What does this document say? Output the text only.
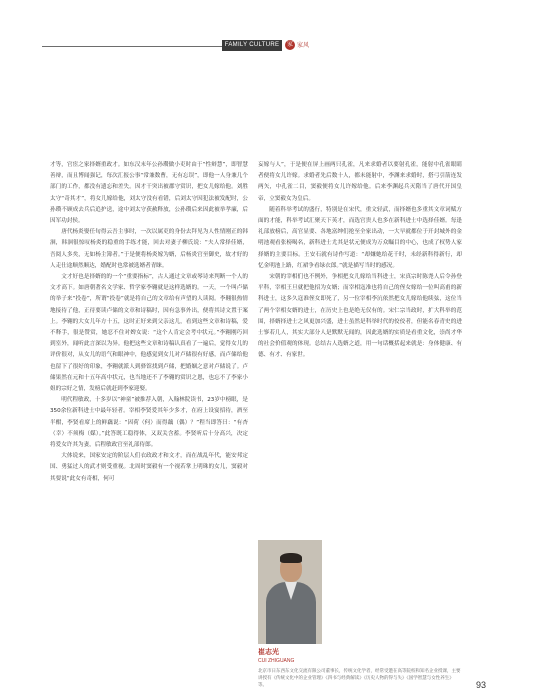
FAMILY CULTURE	家 家风

才等，官宦之家择婿重政才。如东汉末年公孙瓒做小吏时由于“性辩慧”，即智慧善辩，而且博闻强记，每次汇报公事“常兼数曹，无有忘误”，即他一人身兼几个部门的工作，都没有遗忘和差失。因才干突出被郡守赏识，把女儿嫁给他。刘胜太守“奇其才”，将女儿嫁给他，刘太守没有看错，后刘太守因犯法被发配时，公孙瓒不顾成去兵后追护送，途中刘太守获赦释放，公孙瓒后来因此被举孝廉，后因军功封侯。

唐代杨炎娶任旬得云吾主事时，一次以属吏的身份去拜见为人性情刚正的韩洄，韩洄很惊叹杨炎的稳重的手练才能，回去对妻子柳氏说：“夫人常择佳婿，吾阅人多矣，无如杨主簿者。”于是便将杨炎嫁为婿，后杨炎官至御史，故才好的人走仕途顺然顺达，婚配时也常被选婿者青睐。

文才好也是择婿的的一个“重要指标”，古人通过文章或琴诗来判断一个人的文才高下。如唐朝著名文学家、哲学家李翱就是这样选婿的。一天，一个叫卢储的举子来“投卷”，所谓“投卷”就是将自己的文章给有声望的人读阅。李翱很热情地接待了他，正待要读卢储的文章和诗稿时，因有急事外出，便将其诗文置于案上。李翱的大女儿年方十五，这时正好来到父亲这儿，看到这些文章和诗稿，爱不释手，很是赞赏，她忍不住对婢女说：“这个人肯定会考中状元。”李翱刚巧回到室外，闻听此言深以为异。他把这些文章和诗稿认真看了一遍后，觉得女儿的评价很对，从女儿的语气和眼神中，他感觉到女儿对卢储很有好感，而卢储给他也留下了很好的印象，李翱就派人到驿馆找到卢储，把婚姻之意对卢储说了。卢储果然在元和十五年高中状元，也当地还不了李翱的赏识之恩，也忘不了李家小姐的宗好之情，发榜后就赶到李家迎娶。

明代程敏政，十多岁以“神童”被推荐入朝，入翰林院读书，23岁中榜眼，是350余位新科进士中最年轻者。宰相李贤爱其年少多才，在府上设宴招待，酒至半酣，李贤看席上的鲜藕说：“因荷（何）而得藕（偶）？”程当即答曰：“有杏（幸）不须梅（媒）。”此答既工稳得体，又双关含蓄。李贤听后十分高兴，决定将爱女许其为妻，后程敏政官至礼部侍郎。

大体说来，国家安定的阶层人们衣政政才和文才，而在战乱年代，能安邦定国、勇猛过人的武才则受重视。北周时窦毅有一个视若掌上明珠的女儿，窦毅对其要说“此女有奇相，何可

妄嫁与人”，于是便在屏上画两只孔雀，凡来求婚者以要射孔雀，能射中孔雀眼睛者便将女儿许嫁。求婚者先后数十人，都未能射中，李渊来求婚时，搭弓引箭连发两矢，中孔雀二目，窦毅便将女儿许嫁给他。后来李渊起兵灭隋当了唐代开国皇帝，立窦毅女为皇后。

随着科举考试的盛行，特别是在宋代，重文轻武，而择婿也多重其文章词赋方面的才能，科举考试汇聚天下英才，而选官贵人也多在新科进士中选择佳婿。每逢礼部放榜后，高官显要、各地富绅们抢至全家出动，一大早就都位于开封城外的金明池观看张榜喝名，新科进士尤其是状元便成为万众瞩目的中心，也成了权势人家择婿的主要目标。王安石就有诗作写道：“却嫌她给花千时，未经新科得新行，却忆金明池上路，红裙争看绿衣郎。”就是描写当时的感况。

宋朝的宰相们也不例外，争相把女儿嫁给当科进士，宋真宗时陈尧人后令孙登平科，宰相王旦就把他招为女婿；而宰相寇准也将自己的侄女嫁给一位叫高甫的新科进士，这多久寇准侄女即死了，另一位宰相李沆依然把女儿嫁给他续弦，这位当了两个宰相女婿的进士，在历史上也是绝无仅有的。宋仁宗当政时，扩大科举的范围，择婿择进士之风更加兴盛，进士虽然是科举时代的佼佼者，但能名春青史的进士寥若几人，其实大部分人是默默无闻的，因此选婿的实质是看重文化，崇尚才华的社会价值观的体现。总结古人选婿之道，用一句话概括起来就是：身体健康、有德、有才、有家世。

崔志光
CUI ZHIGUANG
北京市日东西东文化交流有限公司董事长，传统文化学者，经常受邀在高等院校和知名企业授课，主要讲授有《传统文化中的企业管理》《四书与经典解读》《历史人物的得与失》《国学智慧与女性养生》等。	93
